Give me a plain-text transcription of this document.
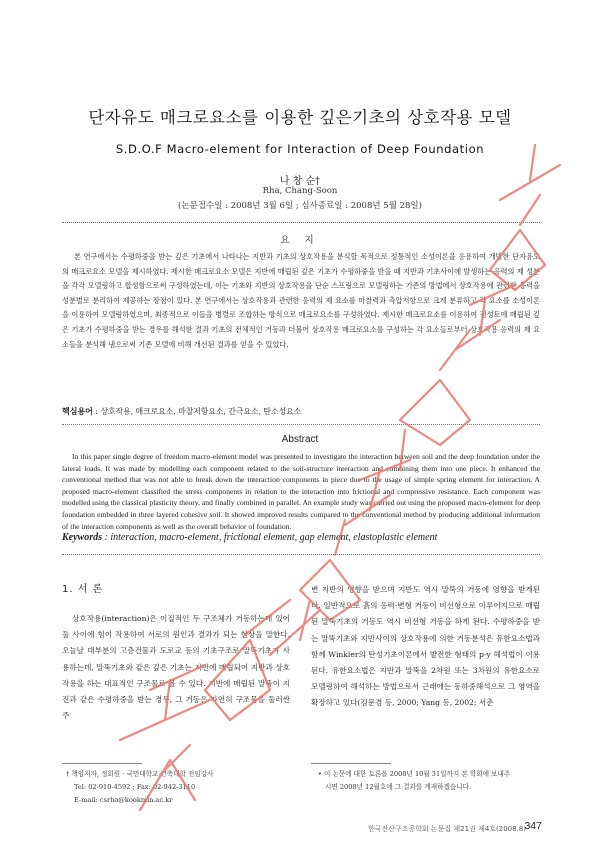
단자유도 매크로요소를 이용한 깊은기초의 상호작용 모델
S.D.O.F Macro-element for Interaction of Deep Foundation
나 창 순†
Rha, Chang-Soon
(논문접수일 : 2008년 3월 6일 ; 심사종료일 : 2008년 5월 28일)
요 지

본 연구에서는 수평하중을 받는 깊은 기초에서 나타나는 지반과 기초의 상호작용을 분석할 목적으로 정통적인 소성이론을 응용하여 개발한 단자유도의 매크로요소 모델을 제시하였다. 제시한 매크로요소 모델은 지반에 매립된 깊은 기초가 수평하중을 받을 때 지반과 기초사이에 발생하는 응력의 제 성분을 각각 모델링하고 합성함으로써 구성하였는데, 이는 기초와 지반의 상호작용을 단순 스프링으로 모델링하는 기존의 방법에서 상호작용에 관련한 응력을 성분별로 분리하여 제공하는 장점이 있다. 본 연구에서는 상호작용과 관련한 응력의 제 요소를 마찰력과 측압저항으로 크게 분류하고 각 요소를 소성이론을 이용하여 모델링하였으며, 최종적으로 이들을 병렬로 조합하는 방식으로 매크로요소를 구성하였다. 제시한 매크로요소를 이용하여 점성토에 매립된 깊은 기초가 수평하중을 받는 경우를 해석한 결과 기초의 전체적인 거동과 더불어 상호작용 매크로요소를 구성하는 각 요소들로부터 상호작용 응력의 제 요소들을 분석해 냄으로써 기존 모델에 비해 개선된 결과를 얻을 수 있었다.

핵심용어 : 상호작용, 매크로요소, 마찰저항요소, 간극요소, 탄소성요소
Abstract

In this paper single degree of freedom macro-element model was presented to investigate the interaction between soil and the deep foundation under the lateral loads. It was made by modelling each component related to the soil-structure interaction and combining them into one piece. It enhanced the conventional method that was not able to break down the interaction components in piece due to the usage of simple spring element for interaction. A proposed macro-element classified the stress components in relation to the interaction into frictional and compressive resistance. Each component was modelled using the classical plasticity theory, and finally combined in parallel. An example study was carried out using the proposed macro-element for deep foundation embedded in three layered cohesive soil. It showed improved results compared to the conventional method by producing additional information of the interaction components as well as the overall behavior of foundation.

Keywords : interaction, macro-element, frictional element, gap element, elastoplastic element
1. 서 론

상호작용(interaction)은 이질적인 두 구조체가 거동하는데 있어 둘 사이에 힘이 작용하여 서로의 원인과 결과가 되는 현상을 말한다. 오늘날 대부분의 고층건물과 도로교 등의 기초구조로 말뚝기초가 사용하는데, 말뚝기초와 같은 깊은 기초는 지반에 매립되어 지반과 상호작용을 하는 대표적인 구조물로 볼 수 있다. 지반에 매립된 말뚝이 지진과 같은 수평하중을 받는 경우, 그 거동은 자연히 구조물을 둘러싼 주

변 지반의 영향을 받으며 지반도 역시 말뚝의 거동에 영향을 받게된다. 일반적으로 흙의 응력-변형 거동이 비선형으로 이루어지므로 매립된 말뚝기초의 거동도 역시 비선형 거동을 하게 된다. 수평하중을 받는 말뚝기초와 지반사이의 상호작용에 의한 거동분석은 유한요소법과 함께 Winkler의 탄성기초이론에서 발전한 형태의 p-y 해석법이 이용된다. 유한요소법은 지반과 말뚝을 2차원 또는 3차원의 유한요소로 모델링하여 해석하는 방법으로서 근래에는 동하중해석으로 그 영역을 확장하고 있다(김문겸 등, 2000; Yang 등, 2002; 서춘

† 책임저자, 정회원 · 국민대학교 건축대학 전임강사
Tel: 02-910-4592 ; Fax: 02-942-3110
E-mail: csrha@kookmin.ac.kr
• 이 논문에 대한 토론을 2008년 10월 31일까지 본 학회에 보내주
시면 2008년 12월호에 그 결과를 게재하겠습니다.
한국전산구조공학회 논문집 제21권 제4호(2008.8)
347
